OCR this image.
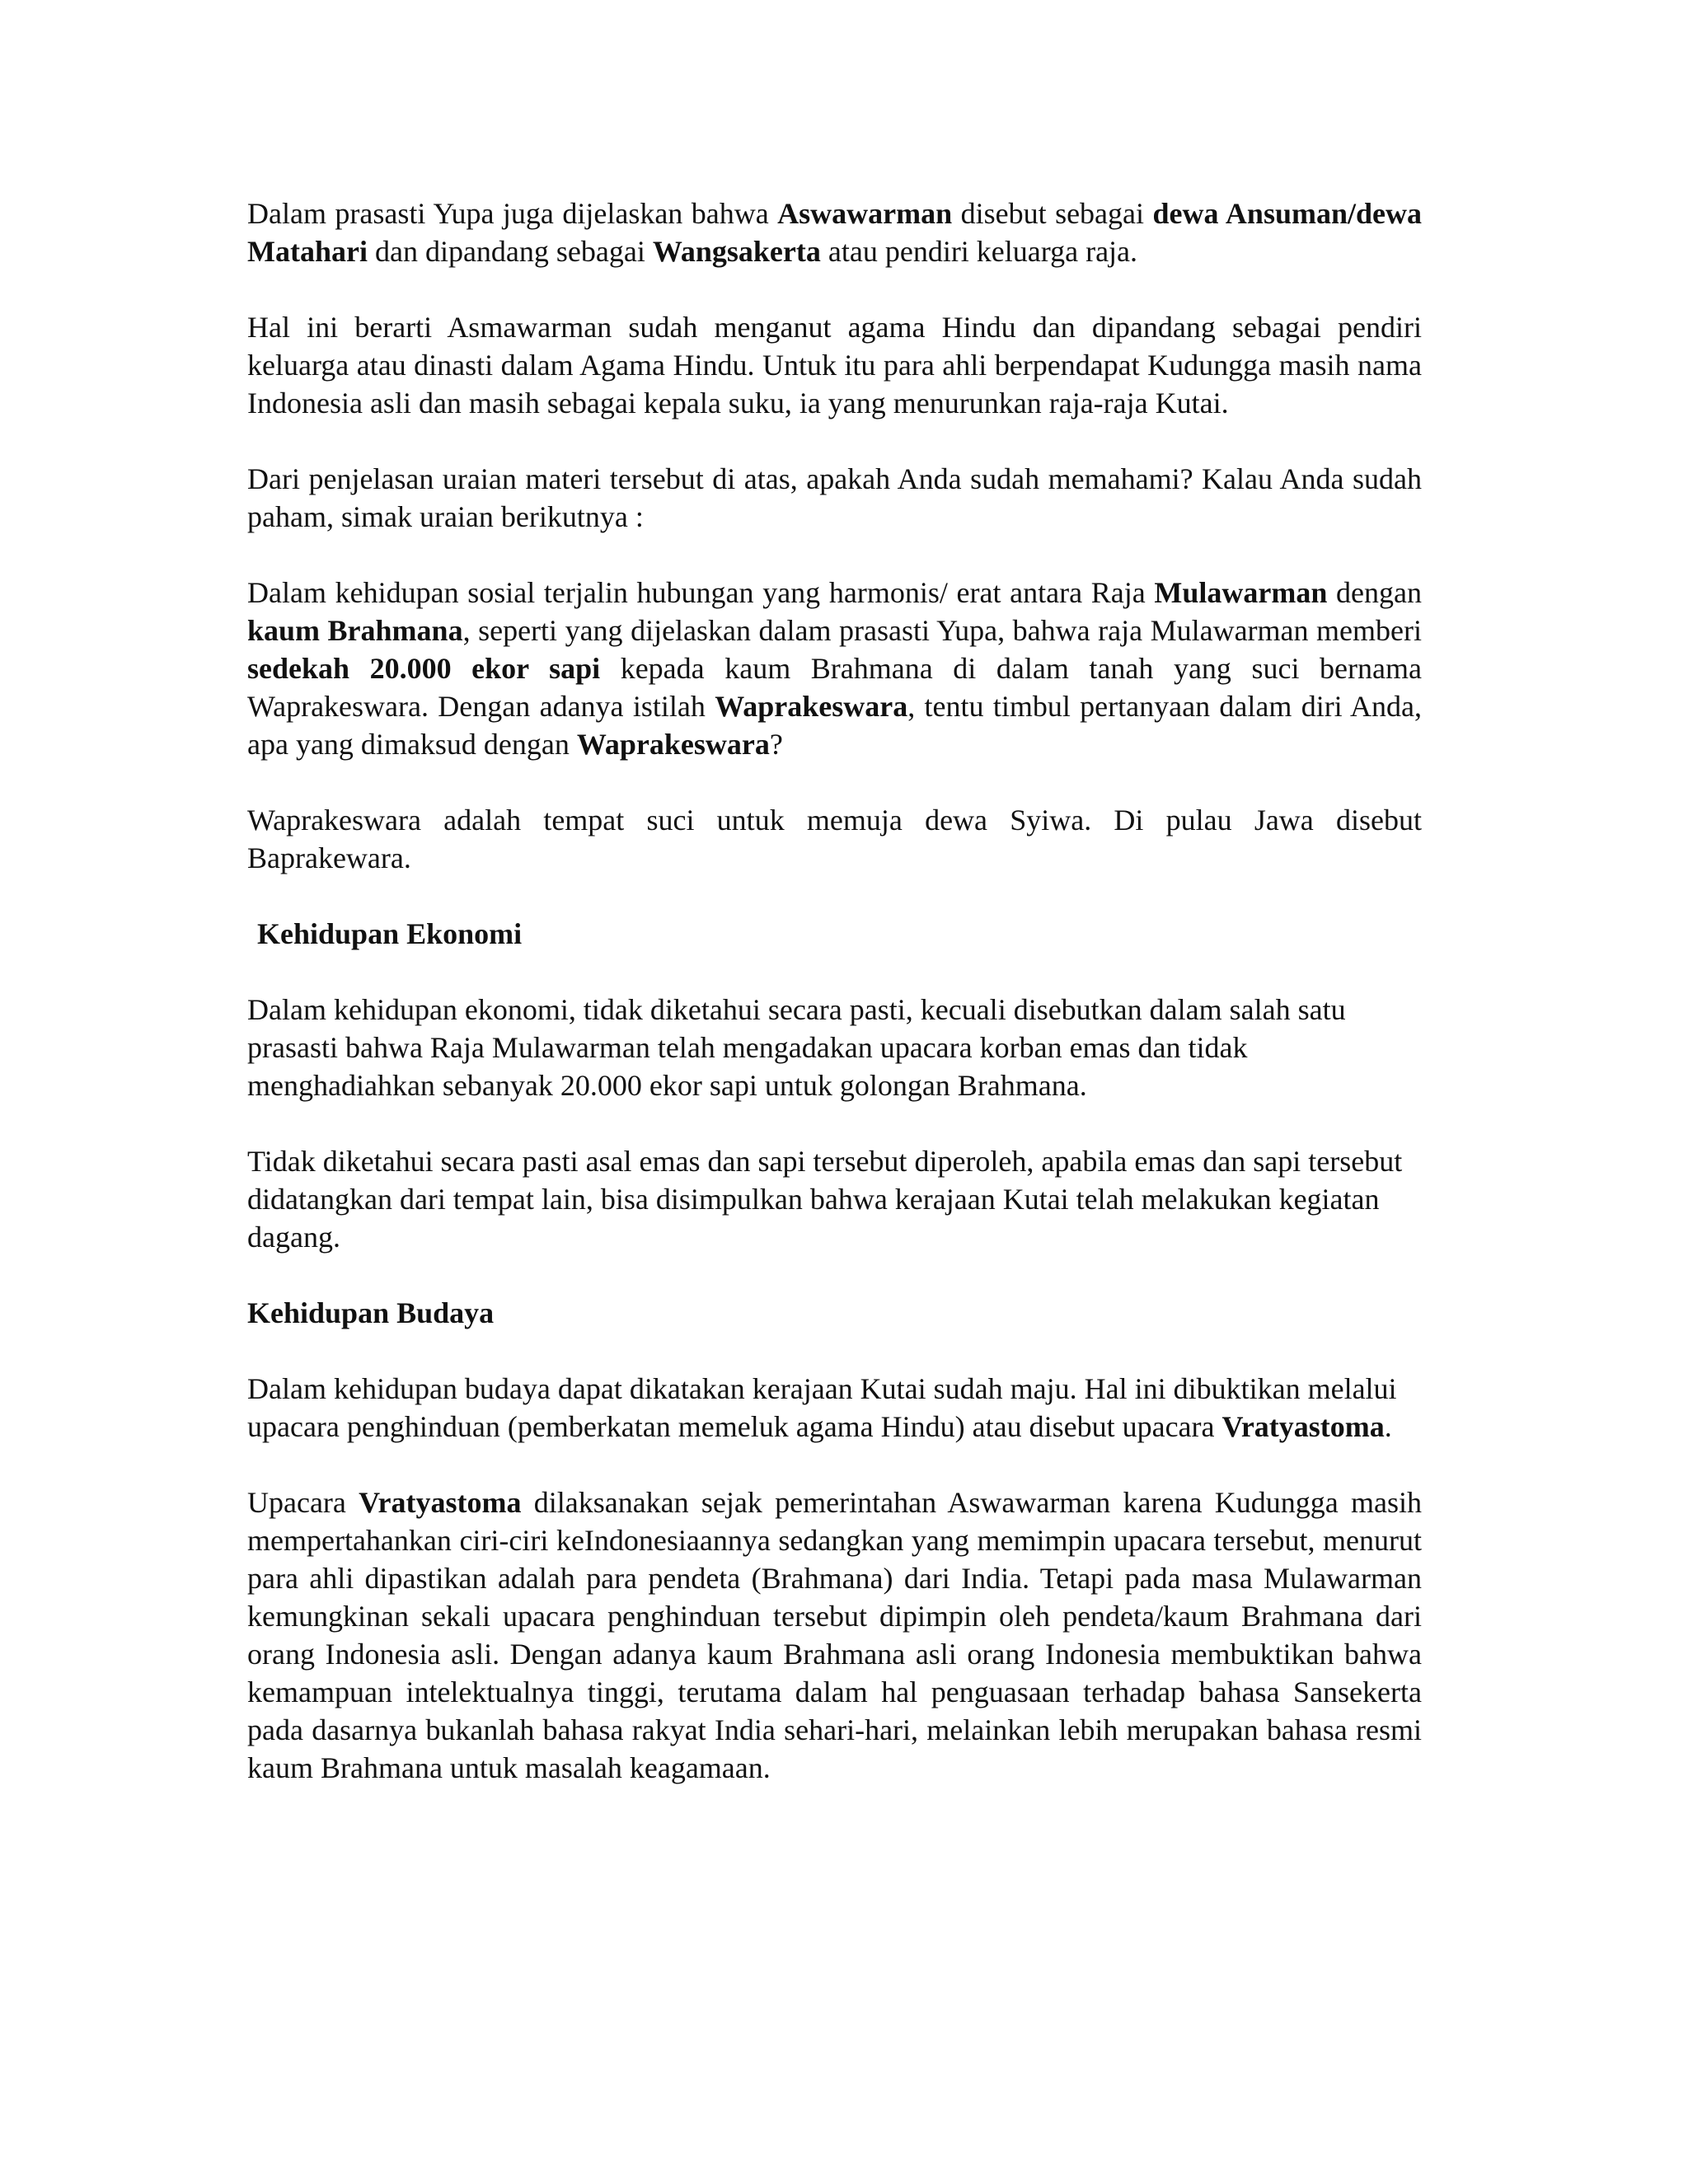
Dalam prasasti Yupa juga dijelaskan bahwa Aswawarman disebut sebagai dewa Ansuman/dewa Matahari dan dipandang sebagai Wangsakerta atau pendiri keluarga raja.

Hal ini berarti Asmawarman sudah menganut agama Hindu dan dipandang sebagai pendiri keluarga atau dinasti dalam Agama Hindu. Untuk itu para ahli berpendapat Kudungga masih nama Indonesia asli dan masih sebagai kepala suku, ia yang menurunkan raja-raja Kutai.

Dari penjelasan uraian materi tersebut di atas, apakah Anda sudah memahami? Kalau Anda sudah paham, simak uraian berikutnya :

Dalam kehidupan sosial terjalin hubungan yang harmonis/ erat antara Raja Mulawarman dengan kaum Brahmana, seperti yang dijelaskan dalam prasasti Yupa, bahwa raja Mulawarman memberi sedekah 20.000 ekor sapi kepada kaum Brahmana di dalam tanah yang suci bernama Waprakeswara. Dengan adanya istilah Waprakeswara, tentu timbul pertanyaan dalam diri Anda, apa yang dimaksud dengan Waprakeswara?

Waprakeswara adalah tempat suci untuk memuja dewa Syiwa. Di pulau Jawa disebut Baprakewara.

Kehidupan Ekonomi

Dalam kehidupan ekonomi, tidak diketahui secara pasti, kecuali disebutkan dalam salah satu prasasti bahwa Raja Mulawarman telah mengadakan upacara korban emas dan tidak menghadiahkan sebanyak 20.000 ekor sapi untuk golongan Brahmana.

Tidak diketahui secara pasti asal emas dan sapi tersebut diperoleh, apabila emas dan sapi tersebut didatangkan dari tempat lain, bisa disimpulkan bahwa kerajaan Kutai telah melakukan kegiatan dagang.

Kehidupan Budaya

Dalam kehidupan budaya dapat dikatakan kerajaan Kutai sudah maju. Hal ini dibuktikan melalui upacara penghinduan (pemberkatan memeluk agama Hindu) atau disebut upacara Vratyastoma.

Upacara Vratyastoma dilaksanakan sejak pemerintahan Aswawarman karena Kudungga masih mempertahankan ciri-ciri keIndonesiaannya sedangkan yang memimpin upacara tersebut, menurut para ahli dipastikan adalah para pendeta (Brahmana) dari India. Tetapi pada masa Mulawarman kemungkinan sekali upacara penghinduan tersebut dipimpin oleh pendeta/kaum Brahmana dari orang Indonesia asli. Dengan adanya kaum Brahmana asli orang Indonesia membuktikan bahwa kemampuan intelektualnya tinggi, terutama dalam hal penguasaan terhadap bahasa Sansekerta pada dasarnya bukanlah bahasa rakyat India sehari-hari, melainkan lebih merupakan bahasa resmi kaum Brahmana untuk masalah keagamaan.
